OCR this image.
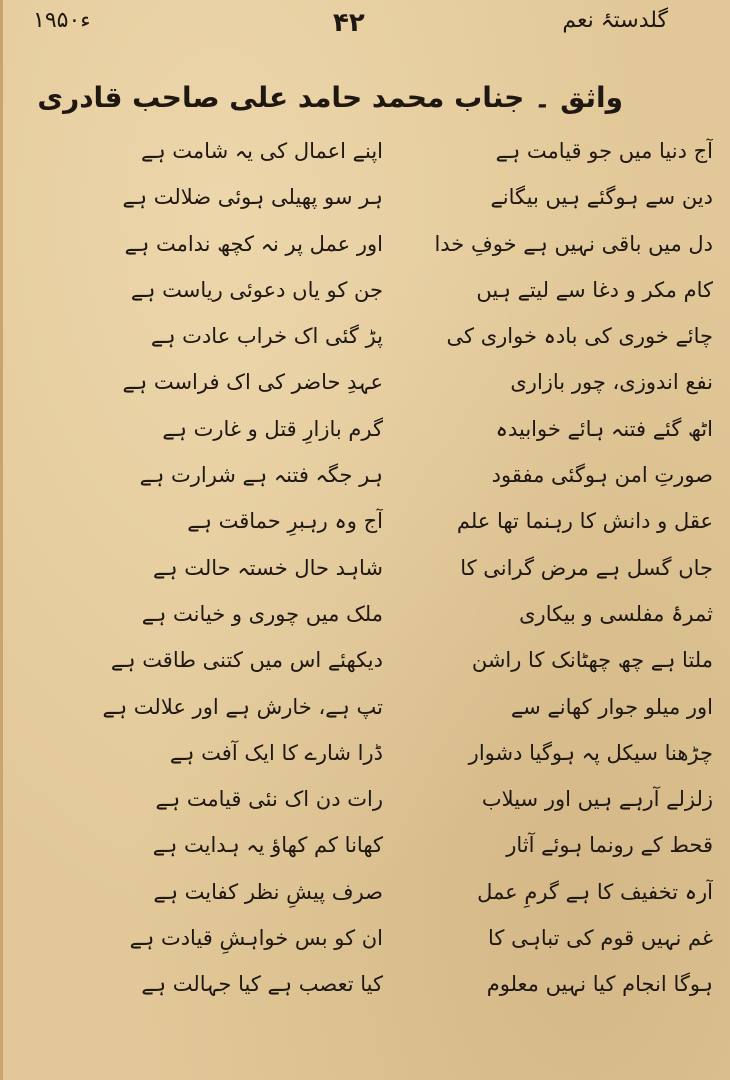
۱۹۵۰ء	۴۲	گلدستۂ نعم
واثق ۔ جناب محمد حامد علی صاحب قادری
آج دنیا میں جو قیامت ہے
دین سے ہوگئے ہیں بیگانے
دل میں باقی نہیں ہے خوفِ خدا
کام مکر و دغا سے لیتے ہیں
چائے خوری کی بادہ خواری کی
نفع اندوزی، چور بازاری
اٹھ گئے فتنہ ہائے خوابیدہ
صورتِ امن ہوگئی مفقود
عقل و دانش کا رہنما تھا علم
جاں گسل ہے مرض گرانی کا
ثمرۂ مفلسی و بیکاری
ملتا ہے چھ چھٹانک کا راشن
اور میلو جوار کھانے سے
چڑھنا سیکل پہ ہوگیا دشوار
زلزلے آرہے ہیں اور سیلاب
قحط کے رونما ہوئے آثار
آرہ تخفیف کا ہے گرمِ عمل
غم نہیں قوم کی تباہی کا
ہوگا انجام کیا نہیں معلوم
اپنے اعمال کی یہ شامت ہے
ہر سو پھیلی ہوئی ضلالت ہے
اور عمل پر نہ کچھ ندامت ہے
جن کو یاں دعوئی ریاست ہے
پڑ گئی اک خراب عادت ہے
عہدِ حاضر کی اک فراست ہے
گرم بازارِ قتل و غارت ہے
ہر جگہ فتنہ ہے شرارت ہے
آج وہ رہبرِ حماقت ہے
شاہد حال خستہ حالت ہے
ملک میں چوری و خیانت ہے
دیکھئے اس میں کتنی طاقت ہے
تپ ہے، خارش ہے اور علالت ہے
ڈرا شارے کا ایک آفت ہے
رات دن اک نئی قیامت ہے
کھانا کم کھاؤ یہ ہدایت ہے
صرف پیشِ نظر کفایت ہے
ان کو بس خواہشِ قیادت ہے
کیا تعصب ہے کیا جہالت ہے
